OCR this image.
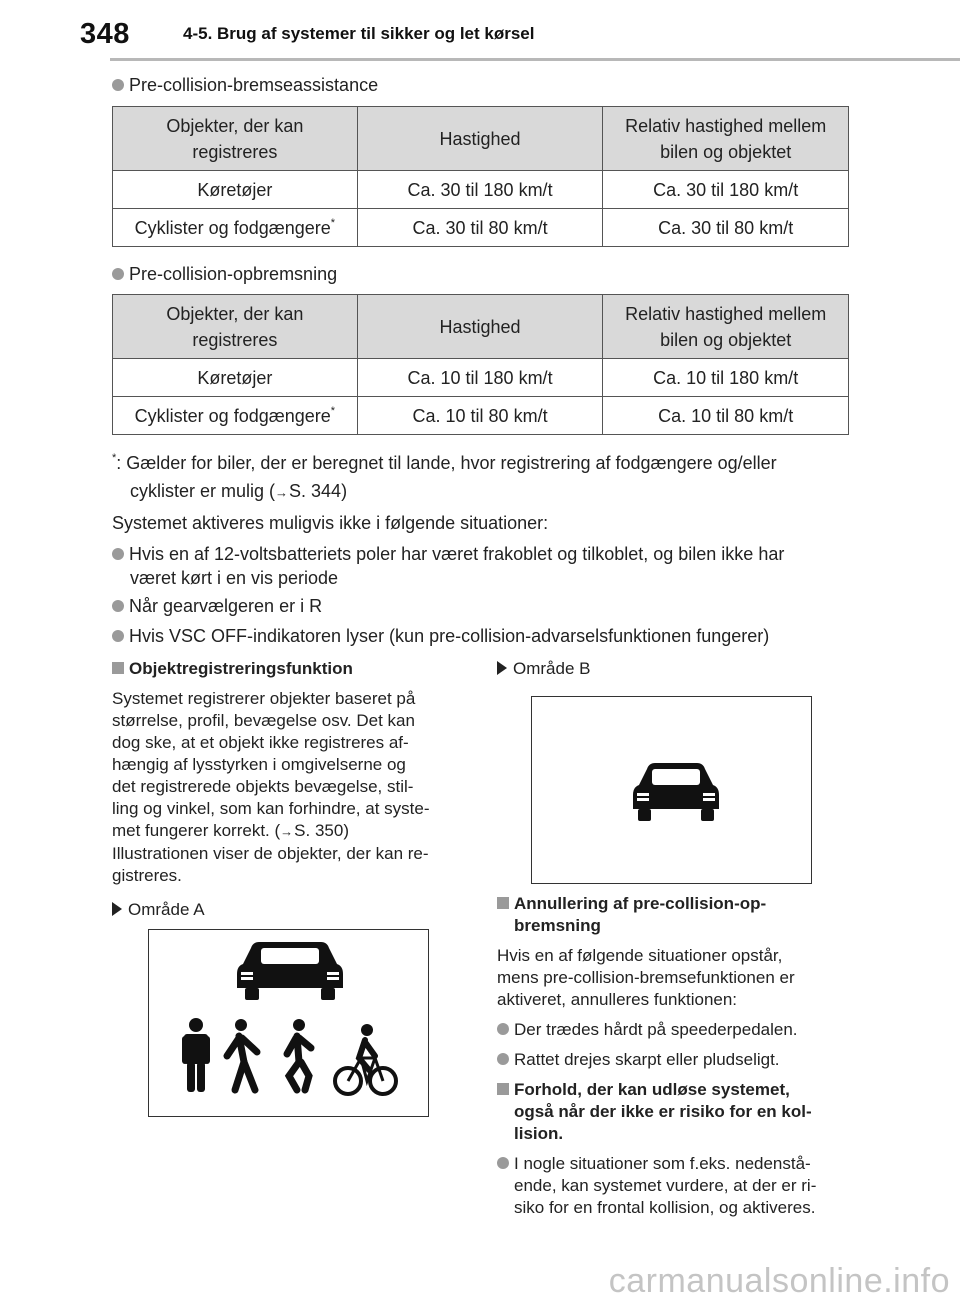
348	4-5. Brug af systemer til sikker og let kørsel
Pre-collision-bremseassistance
Objekter, der kan registreres	Hastighed	Relativ hastighed mellem bilen og objektet
Køretøjer	Ca. 30 til 180 km/t	Ca. 30 til 180 km/t
Cyklister og fodgængere*	Ca. 30 til 80 km/t	Ca. 30 til 80 km/t
Pre-collision-opbremsning
Objekter, der kan registreres	Hastighed	Relativ hastighed mellem bilen og objektet
Køretøjer	Ca. 10 til 180 km/t	Ca. 10 til 180 km/t
Cyklister og fodgængere*	Ca. 10 til 80 km/t	Ca. 10 til 80 km/t
*: Gælder for biler, der er beregnet til lande, hvor registrering af fodgængere og/eller
cyklister er mulig (→S. 344)
Systemet aktiveres muligvis ikke i følgende situationer:
Hvis en af 12-voltsbatteriets poler har været frakoblet og tilkoblet, og bilen ikke har
været kørt i en vis periode
Når gearvælgeren er i R
Hvis VSC OFF-indikatoren lyser (kun pre-collision-advarselsfunktionen fungerer)
Objektregistreringsfunktion
Systemet registrerer objekter baseret på
størrelse, profil, bevægelse osv. Det kan
dog ske, at et objekt ikke registreres af-
hængig af lysstyrken i omgivelserne og
det registrerede objekts bevægelse, stil-
ling og vinkel, som kan forhindre, at syste-
met fungerer korrekt. (→S. 350)
Illustrationen viser de objekter, der kan re-
gistreres.
Område A
Område B
Annullering af pre-collision-op-
bremsning
Hvis en af følgende situationer opstår,
mens pre-collision-bremsefunktionen er
aktiveret, annulleres funktionen:
Der trædes hårdt på speederpedalen.
Rattet drejes skarpt eller pludseligt.
Forhold, der kan udløse systemet,
også når der ikke er risiko for en kol-
lision.
I nogle situationer som f.eks. nedenstå-
ende, kan systemet vurdere, at der er ri-
siko for en frontal kollision, og aktiveres.
carmanualsonline.info
